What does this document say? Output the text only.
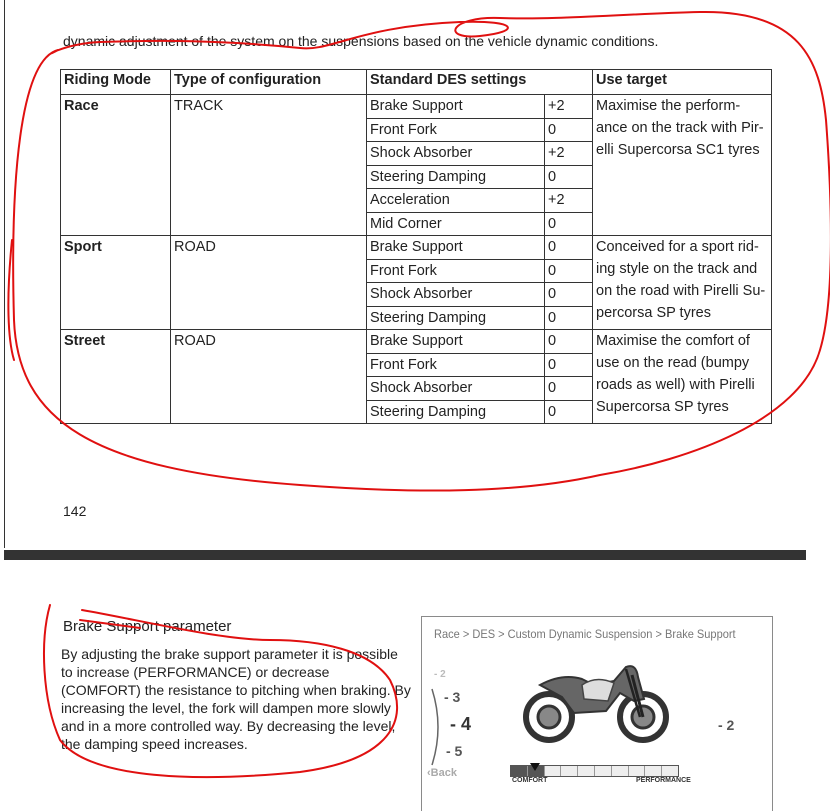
dynamic adjustment of the system on the suspensions based on the vehicle dynamic conditions.
Riding Mode	Type of configuration	Standard DES settings		Use target
Race	TRACK	Brake Support	+2	Maximise the perform-ance on the track with Pir-elli Supercorsa SC1 tyres
		Front Fork	0	
		Shock Absorber	+2	
		Steering Damping	0	
		Acceleration	+2	
		Mid Corner	0	
Sport	ROAD	Brake Support	0	Conceived for a sport rid-ing style on the track and on the road with Pirelli Su-percorsa SP tyres
		Front Fork	0	
		Shock Absorber	0	
		Steering Damping	0	
Street	ROAD	Brake Support	0	Maximise the comfort of use on the read (bumpy roads as well) with Pirelli Supercorsa SP tyres
		Front Fork	0	
		Shock Absorber	0	
		Steering Damping	0	
142
Brake Support parameter
By adjusting the brake support parameter it is possible to increase (PERFORMANCE) or decrease (COMFORT) the resistance to pitching when braking. By increasing the level, the fork will dampen more slowly and in a more controlled way. By decreasing the level, the damping speed increases.
Race > DES > Custom Dynamic Suspension > Brake Support
- 2
- 3
- 4
- 5
- 2
‹Back
COMFORT	PERFORMANCE
